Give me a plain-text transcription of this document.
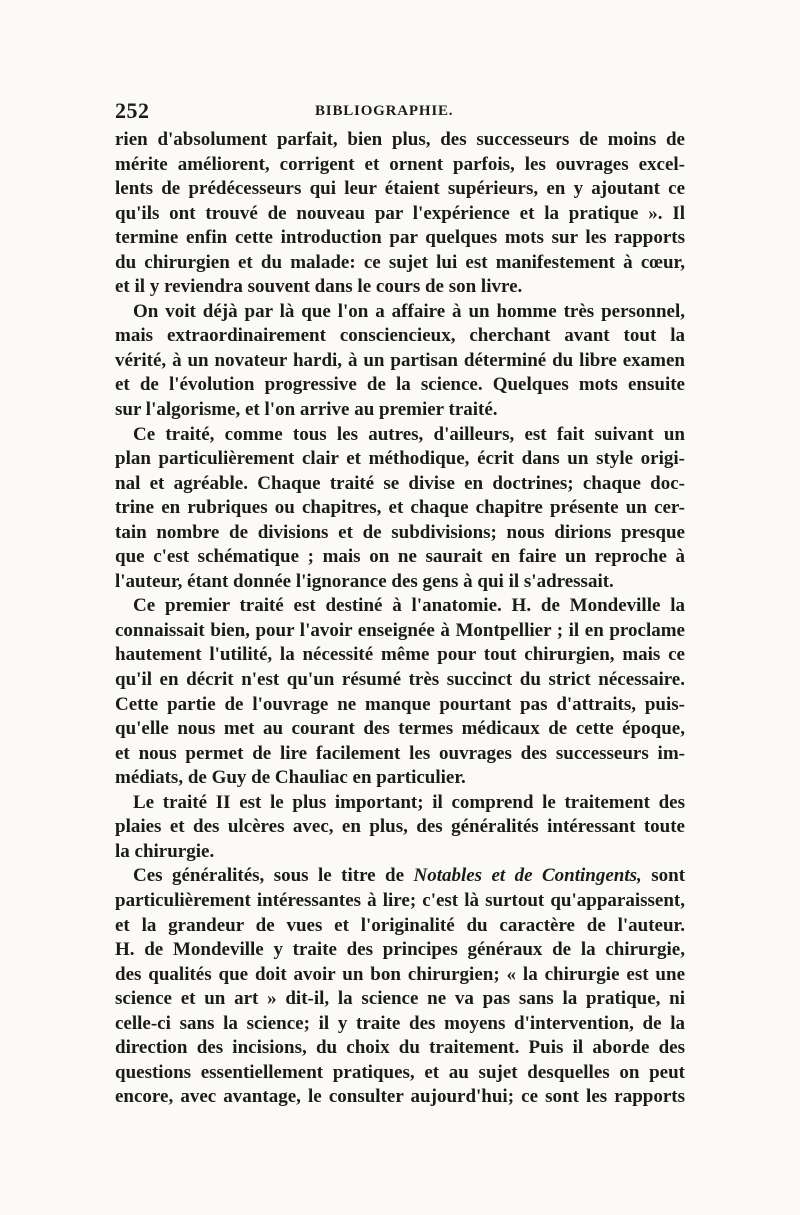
252	BIBLIOGRAPHIE.
rien d'absolument parfait, bien plus, des successeurs de moins de
mérite améliorent, corrigent et ornent parfois, les ouvrages excel-
lents de prédécesseurs qui leur étaient supérieurs, en y ajoutant ce
qu'ils ont trouvé de nouveau par l'expérience et la pratique ». Il
termine enfin cette introduction par quelques mots sur les rapports
du chirurgien et du malade: ce sujet lui est manifestement à cœur,
et il y reviendra souvent dans le cours de son livre.
On voit déjà par là que l'on a affaire à un homme très personnel,
mais extraordinairement consciencieux, cherchant avant tout la
vérité, à un novateur hardi, à un partisan déterminé du libre examen
et de l'évolution progressive de la science. Quelques mots ensuite
sur l'algorisme, et l'on arrive au premier traité.
Ce traité, comme tous les autres, d'ailleurs, est fait suivant un
plan particulièrement clair et méthodique, écrit dans un style origi-
nal et agréable. Chaque traité se divise en doctrines; chaque doc-
trine en rubriques ou chapitres, et chaque chapitre présente un cer-
tain nombre de divisions et de subdivisions; nous dirions presque
que c'est schématique ; mais on ne saurait en faire un reproche à
l'auteur, étant donnée l'ignorance des gens à qui il s'adressait.
Ce premier traité est destiné à l'anatomie. H. de Mondeville la
connaissait bien, pour l'avoir enseignée à Montpellier ; il en proclame
hautement l'utilité, la nécessité même pour tout chirurgien, mais ce
qu'il en décrit n'est qu'un résumé très succinct du strict nécessaire.
Cette partie de l'ouvrage ne manque pourtant pas d'attraits, puis-
qu'elle nous met au courant des termes médicaux de cette époque,
et nous permet de lire facilement les ouvrages des successeurs im-
médiats, de Guy de Chauliac en particulier.
Le traité II est le plus important; il comprend le traitement des
plaies et des ulcères avec, en plus, des généralités intéressant toute
la chirurgie.
Ces généralités, sous le titre de Notables et de Contingents, sont
particulièrement intéressantes à lire; c'est là surtout qu'apparaissent,
et la grandeur de vues et l'originalité du caractère de l'auteur.
H. de Mondeville y traite des principes généraux de la chirurgie,
des qualités que doit avoir un bon chirurgien; « la chirurgie est une
science et un art » dit-il, la science ne va pas sans la pratique, ni
celle-ci sans la science; il y traite des moyens d'intervention, de la
direction des incisions, du choix du traitement. Puis il aborde des
questions essentiellement pratiques, et au sujet desquelles on peut
encore, avec avantage, le consulter aujourd'hui; ce sont les rapports
